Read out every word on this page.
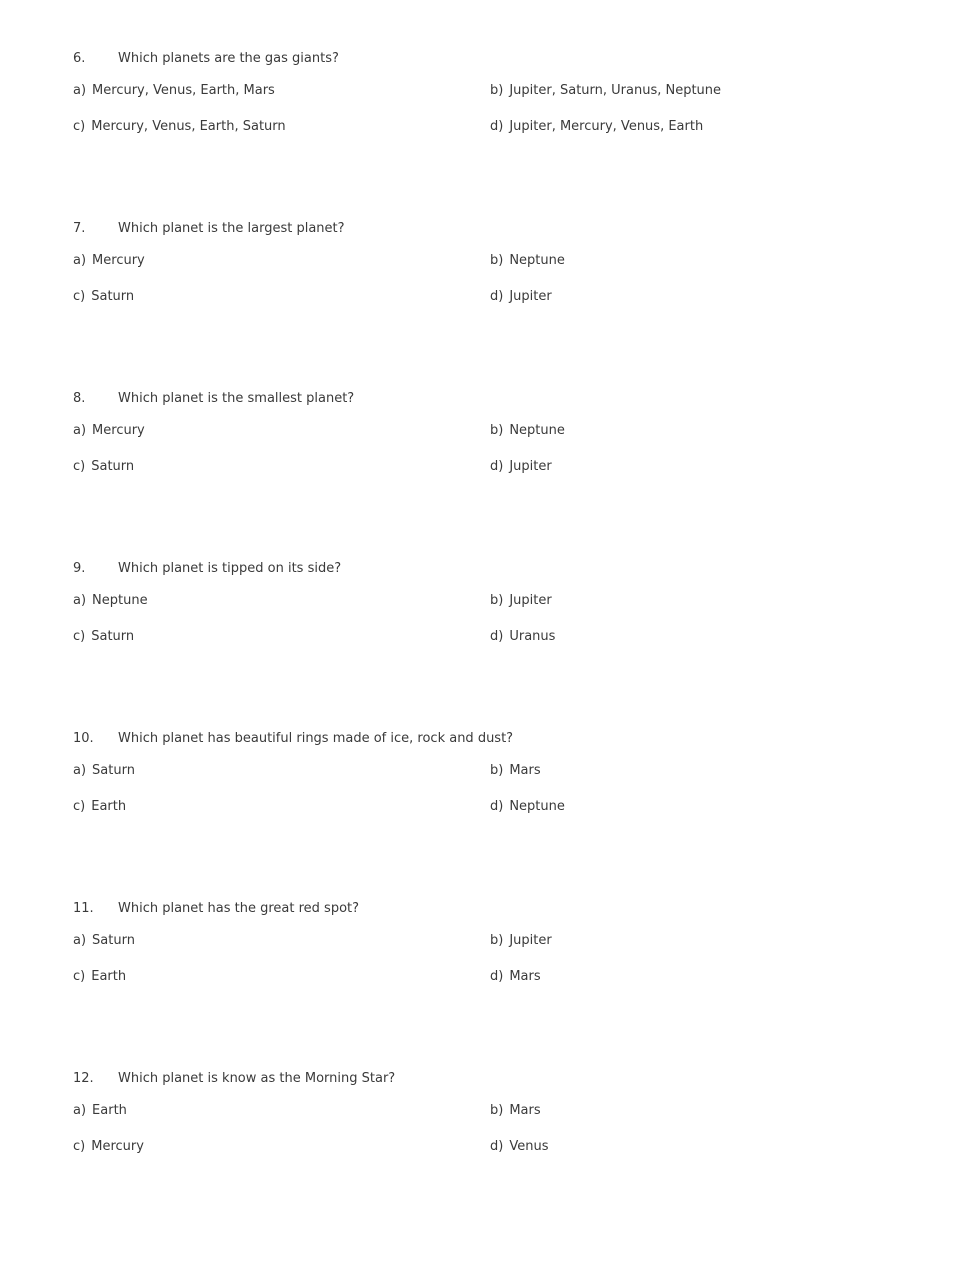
6.	Which planets are the gas giants?
a) Mercury, Venus, Earth, Mars	b) Jupiter, Saturn, Uranus, Neptune
c) Mercury, Venus, Earth, Saturn	d) Jupiter, Mercury, Venus, Earth
7.	Which planet is the largest planet?
a) Mercury	b) Neptune
c) Saturn	d) Jupiter
8.	Which planet is the smallest planet?
a) Mercury	b) Neptune
c) Saturn	d) Jupiter
9.	Which planet is tipped on its side?
a) Neptune	b) Jupiter
c) Saturn	d) Uranus
10. Which planet has beautiful rings made of ice, rock and dust?
a) Saturn	b) Mars
c) Earth	d) Neptune
11. Which planet has the great red spot?
a) Saturn	b) Jupiter
c) Earth	d) Mars
12. Which planet is know as the Morning Star?
a) Earth	b) Mars
c) Mercury	d) Venus
